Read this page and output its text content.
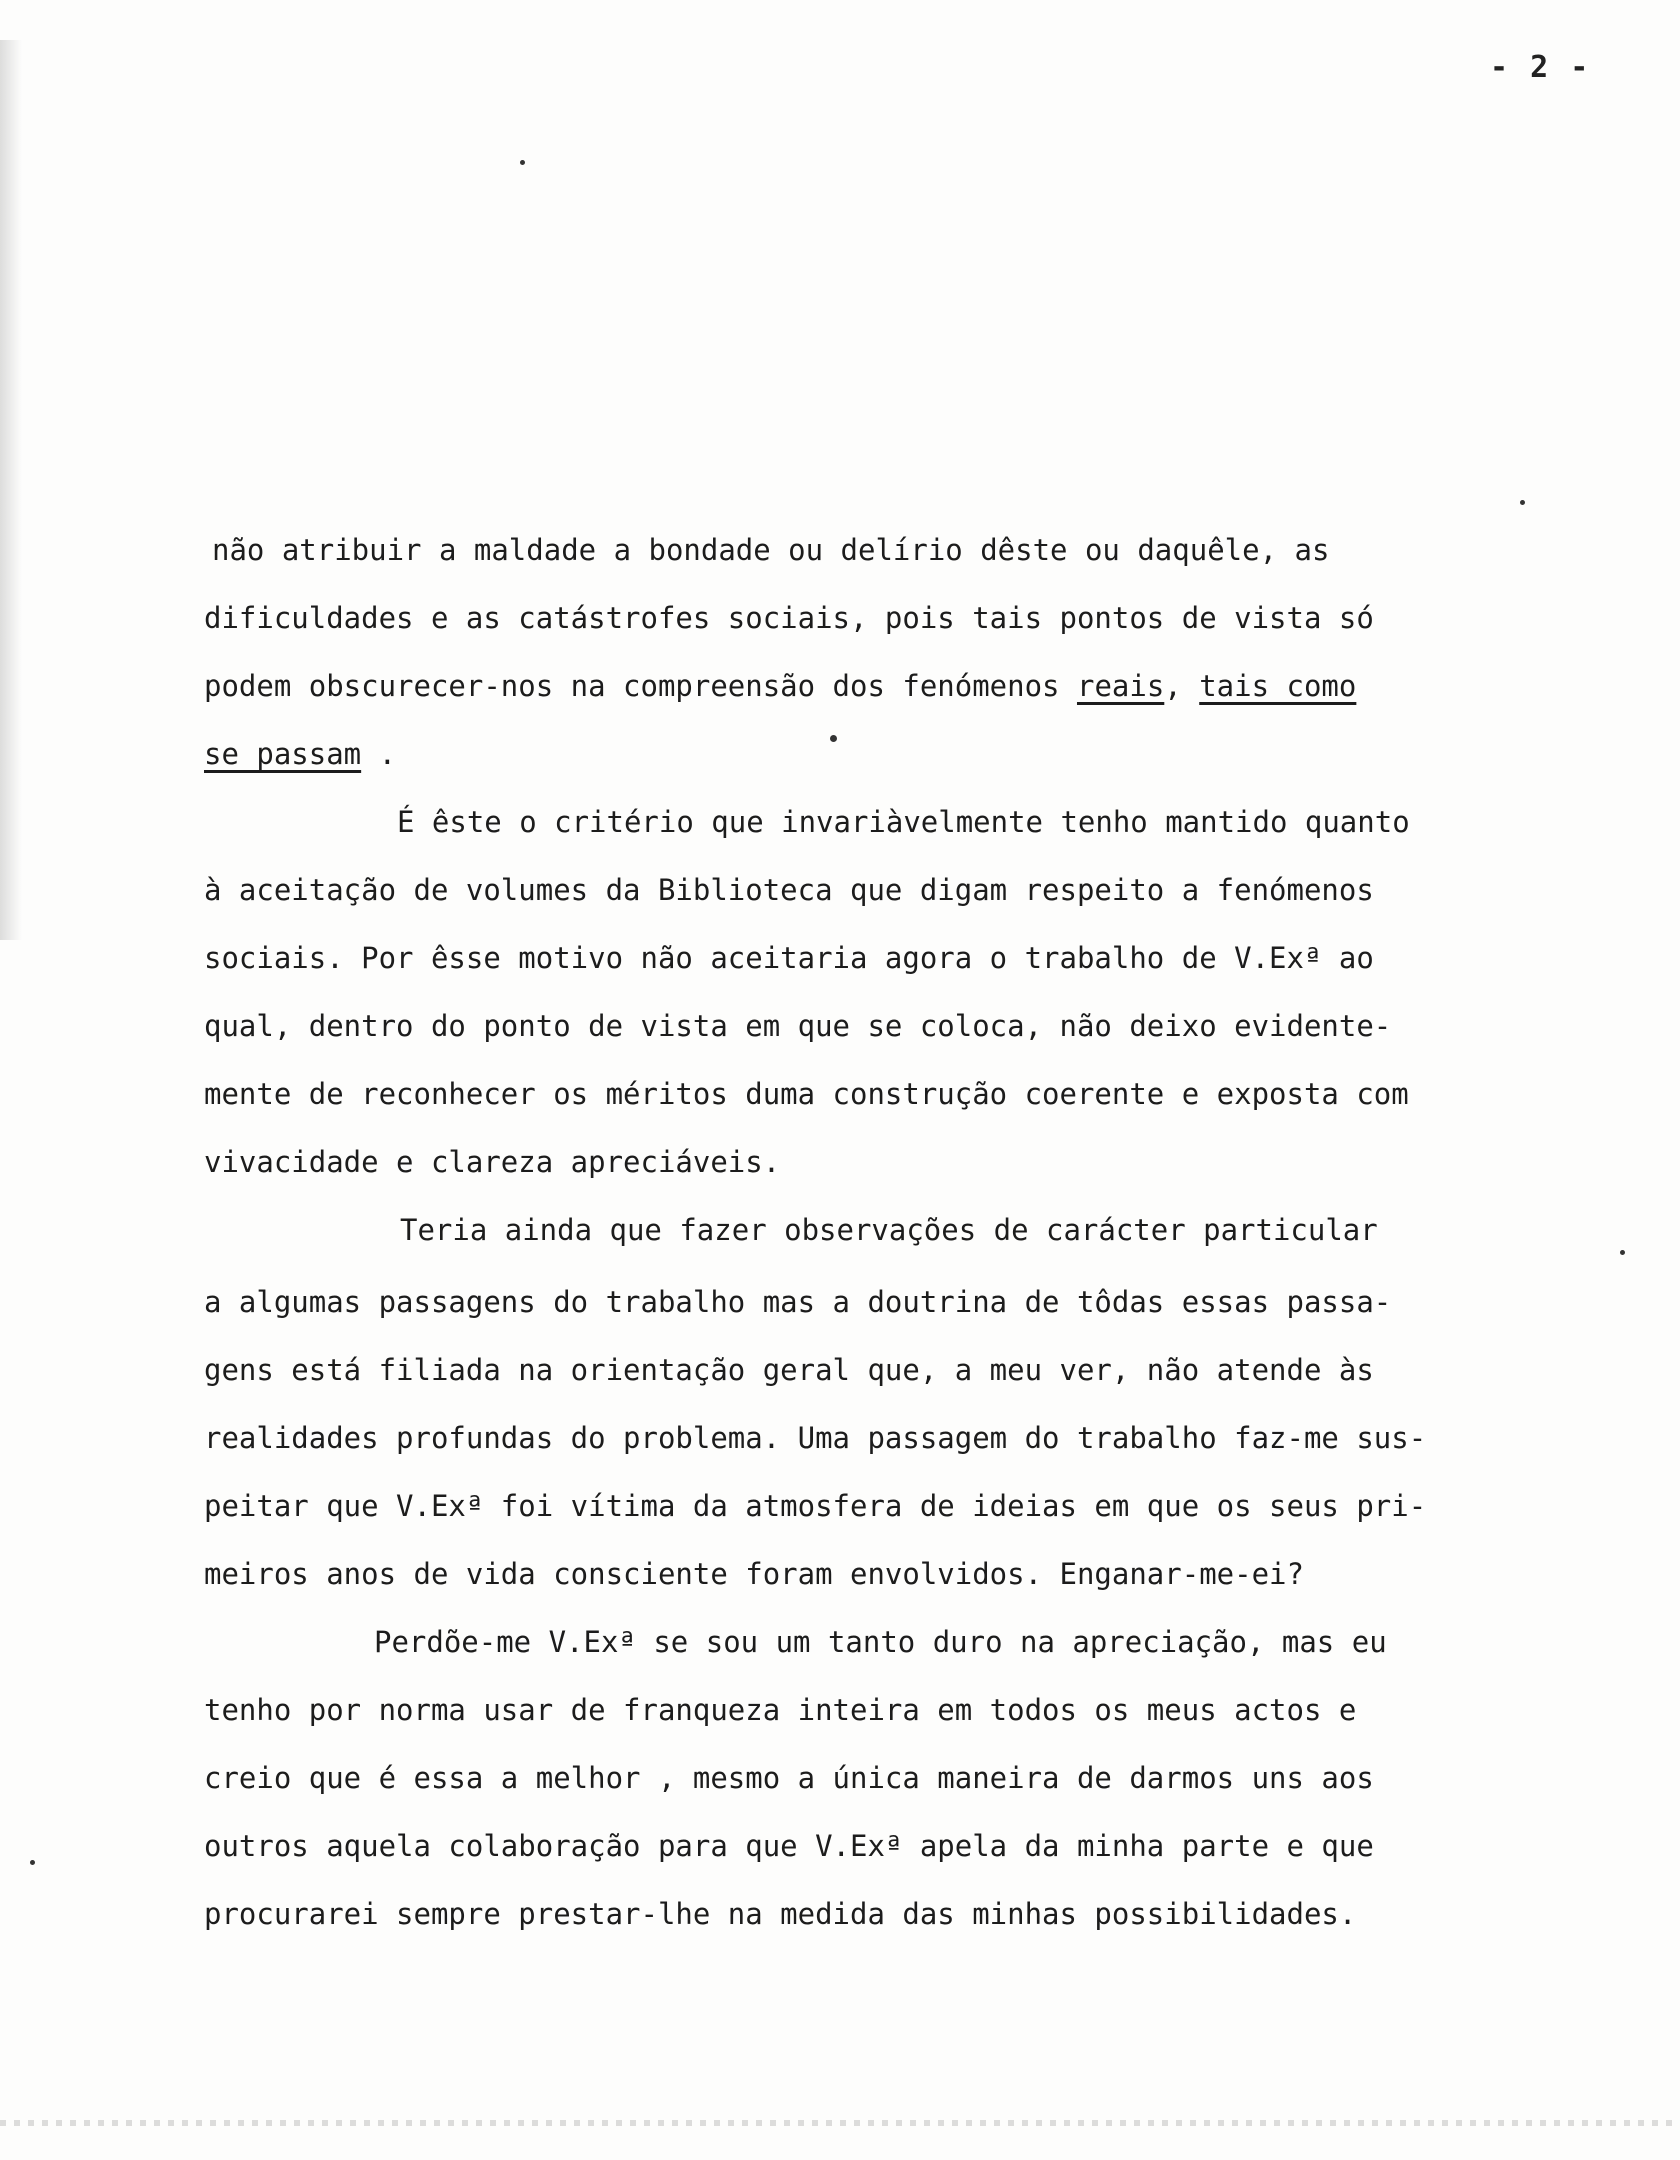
- 2 -
não atribuir a maldade a bondade ou delírio dêste ou daquêle, as
dificuldades e as catástrofes sociais, pois tais pontos de vista só
podem obscurecer-nos na compreensão dos fenómenos reais, tais como
se passam .
É êste o critério que invariàvelmente tenho mantido quanto
à aceitação de volumes da Biblioteca que digam respeito a fenómenos
sociais. Por êsse motivo não aceitaria agora o trabalho de V.Exª ao
qual, dentro do ponto de vista em que se coloca, não deixo evidente-
mente de reconhecer os méritos duma construção coerente e exposta com
vivacidade e clareza apreciáveis.
Teria ainda que fazer observações de carácter particular
a algumas passagens do trabalho mas a doutrina de tôdas essas passa-
gens está filiada na orientação geral que, a meu ver, não atende às
realidades profundas do problema. Uma passagem do trabalho faz-me sus-
peitar que V.Exª foi vítima da atmosfera de ideias em que os seus pri-
meiros anos de vida consciente foram envolvidos. Enganar-me-ei?
Perdõe-me V.Exª se sou um tanto duro na apreciação, mas eu
tenho por norma usar de franqueza inteira em todos os meus actos e
creio que é essa a melhor , mesmo a única maneira de darmos uns aos
outros aquela colaboração para que V.Exª apela da minha parte e que
procurarei sempre prestar-lhe na medida das minhas possibilidades.
